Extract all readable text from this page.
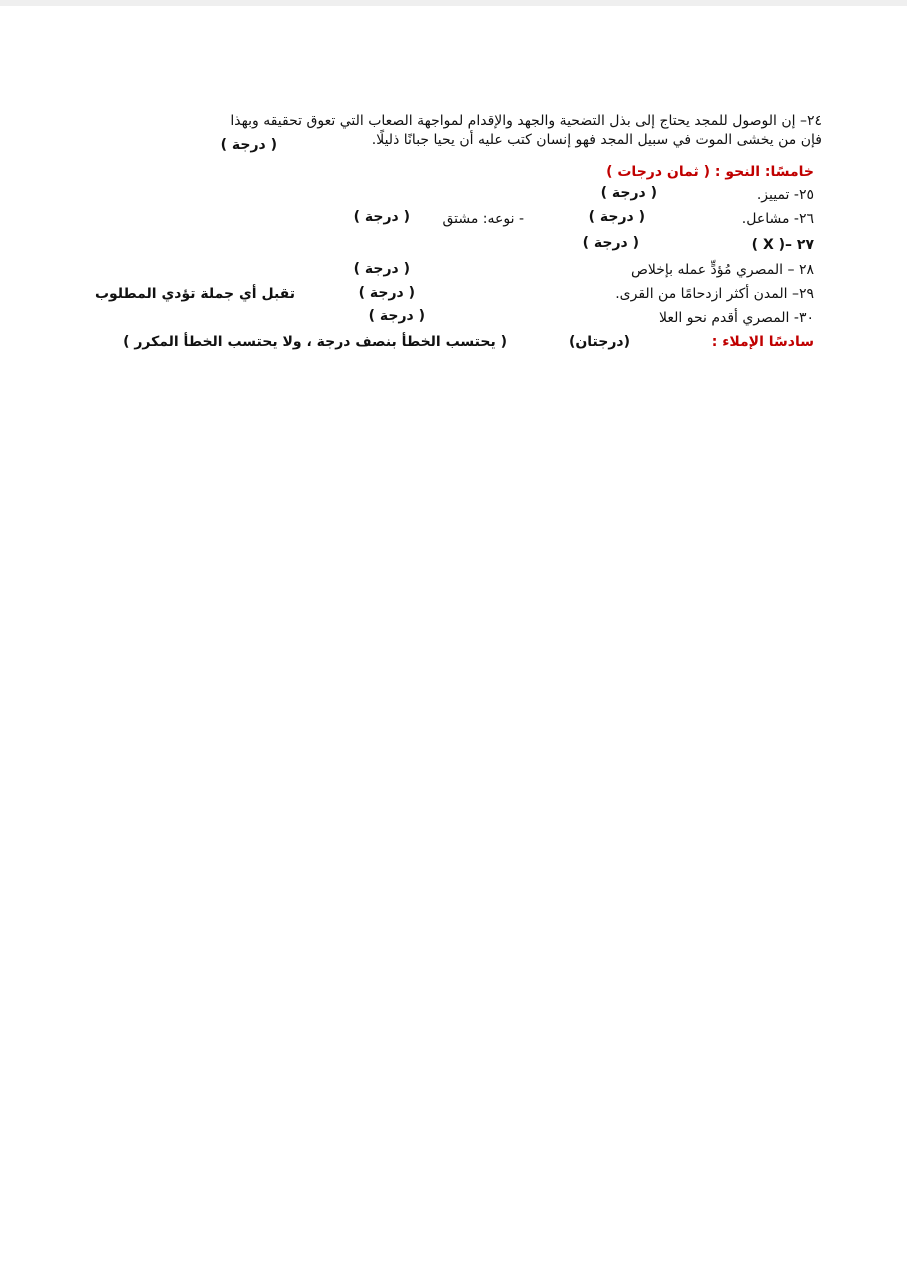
٢٤– إن الوصول للمجد يحتاج إلى بذل التضحية والجهد والإقدام لمواجهة الصعاب التي تعوق تحقيقه وبهذا
فإن من يخشى الموت في سبيل المجد فهو إنسان كتب عليه أن يحيا جبانًا ذليلًا.
( درجة )
خامسًا: النحو : ( ثمان درجات )
٢٥- تمييز.
( درجة )
٢٦- مشاعل.
( درجة )
- نوعه: مشتق
( درجة )
٢٧ –( X )
( درجة )
٢٨ – المصري مُؤدٍّ عمله بإخلاص
( درجة )
٢٩– المدن أكثر ازدحامًا من القرى.
( درجة )
تقبل أي جملة تؤدي المطلوب
٣٠- المصري أقدم نحو العلا
( درجة )
سادسًا الإملاء :
(درجتان)
( يحتسب الخطأ بنصف درجة ، ولا يحتسب الخطأ المكرر )
